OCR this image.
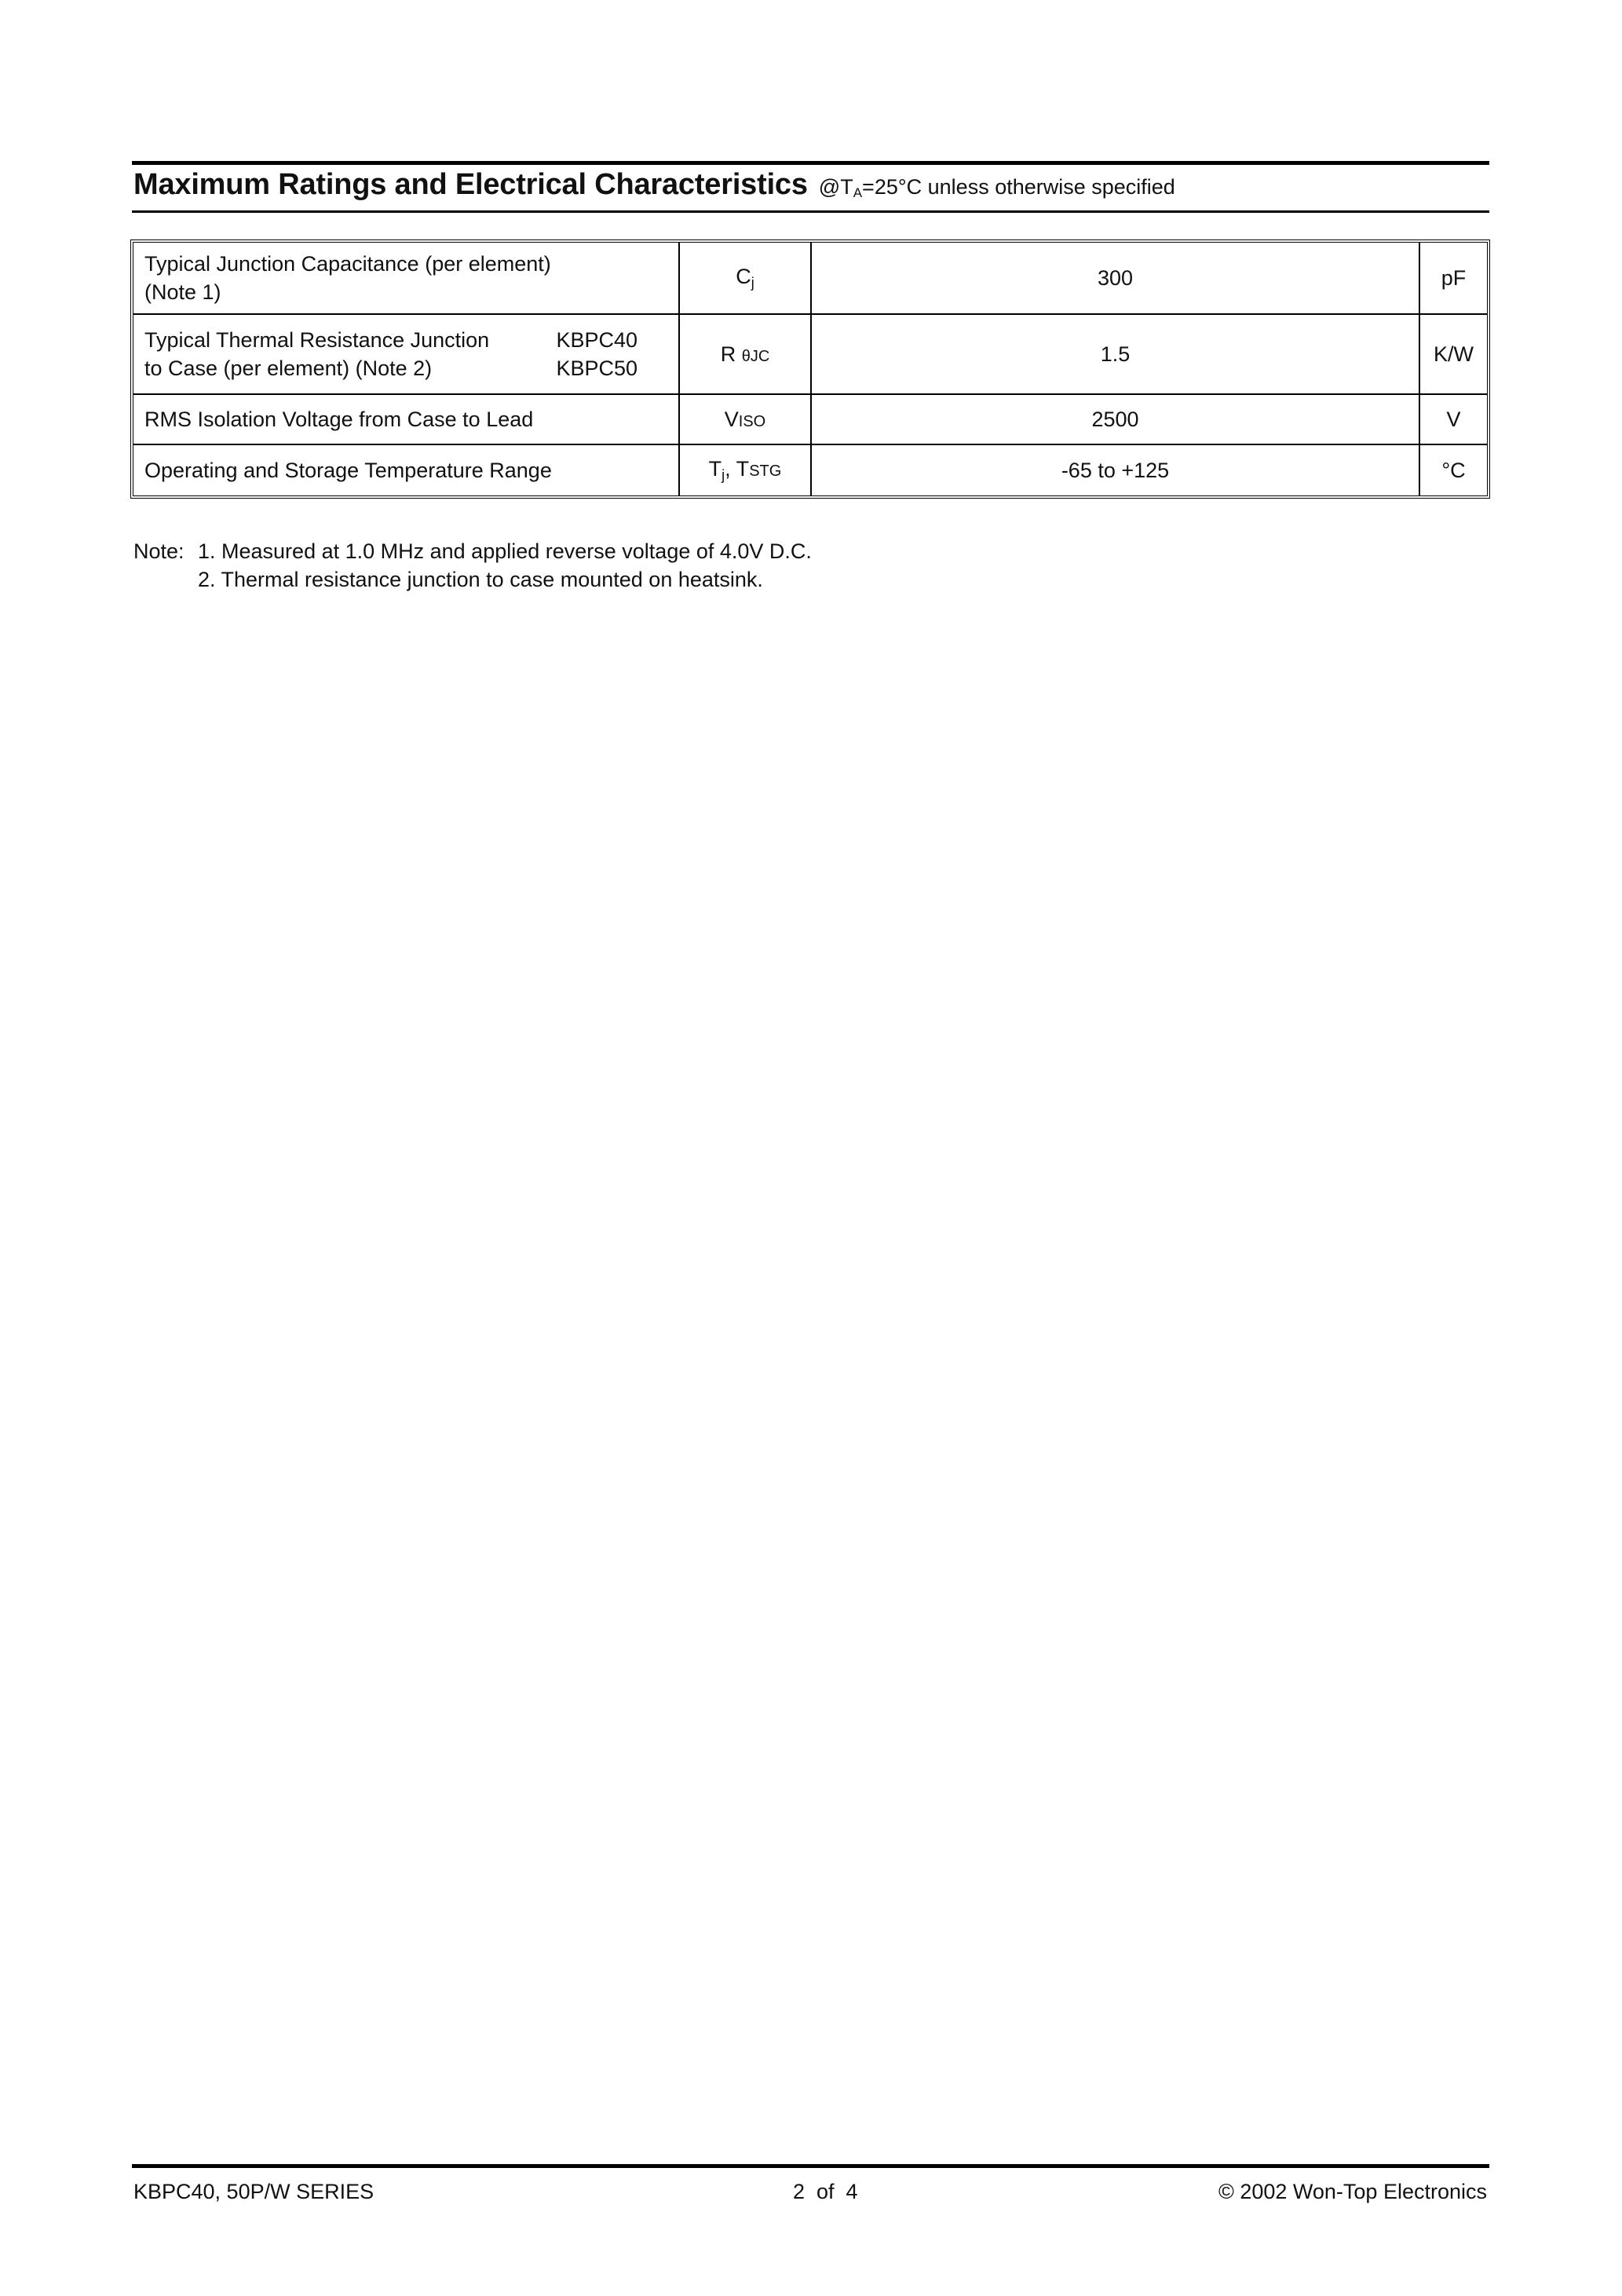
Maximum Ratings and Electrical Characteristics $@T_A=25^\circ C$ unless otherwise specified
Typical Junction Capacitance (per element)
(Note 1)	Cj	300	pF

Typical Thermal Resistance Junction KBPC40
to Case (per element) (Note 2) KBPC50	R θJC	1.5	K/W
RMS Isolation Voltage from Case to Lead	VISO	2500	V
Operating and Storage Temperature Range	Tj, TSTG	-65 to +125	°C
Note: 1. Measured at 1.0 MHz and applied reverse voltage of 4.0V D.C.
2. Thermal resistance junction to case mounted on heatsink.
KBPC40, 50P/W SERIES	2  of  4	© 2002 Won-Top Electronics
